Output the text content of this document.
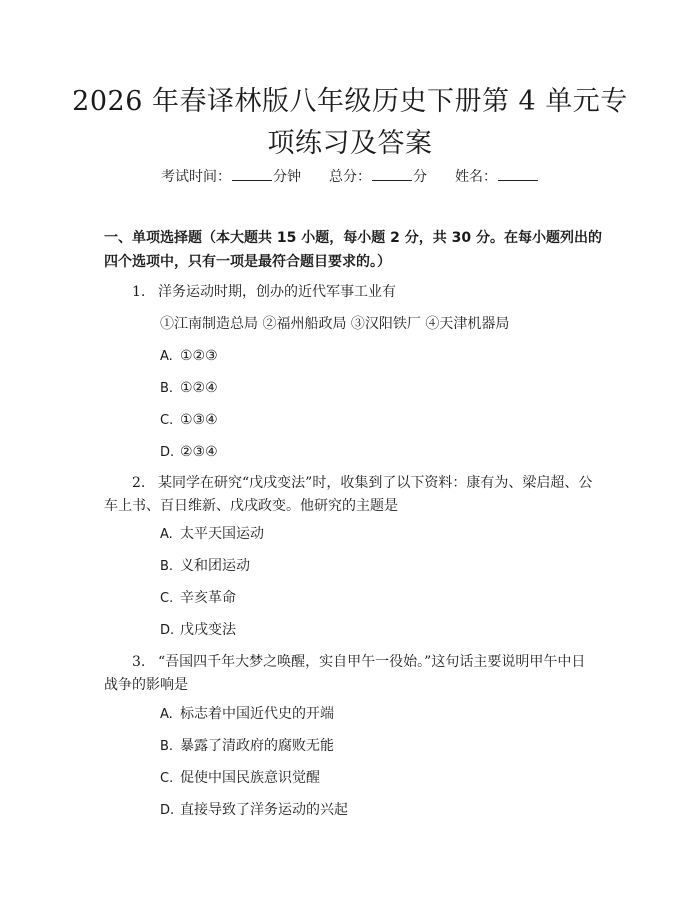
2026 年春译林版八年级历史下册第 4 单元专
项练习及答案
考试时间：	分钟 总分：	分 姓名：
一、单项选择题（本大题共 15 小题，每小题 2 分，共 30 分。在每小题列出的四个选项中，只有一项是最符合题目要求的。）
1. 洋务运动时期，创办的近代军事工业有
①江南制造总局 ②福州船政局 ③汉阳铁厂 ④天津机器局
A. ①②③
B. ①②④
C. ①③④
D. ②③④
2. 某同学在研究“戊戌变法”时，收集到了以下资料：康有为、梁启超、公
车上书、百日维新、戊戌政变。他研究的主题是
A. 太平天国运动
B. 义和团运动
C. 辛亥革命
D. 戊戌变法
3. “吾国四千年大梦之唤醒，实自甲午一役始。”这句话主要说明甲午中日
战争的影响是
A. 标志着中国近代史的开端
B. 暴露了清政府的腐败无能
C. 促使中国民族意识觉醒
D. 直接导致了洋务运动的兴起
